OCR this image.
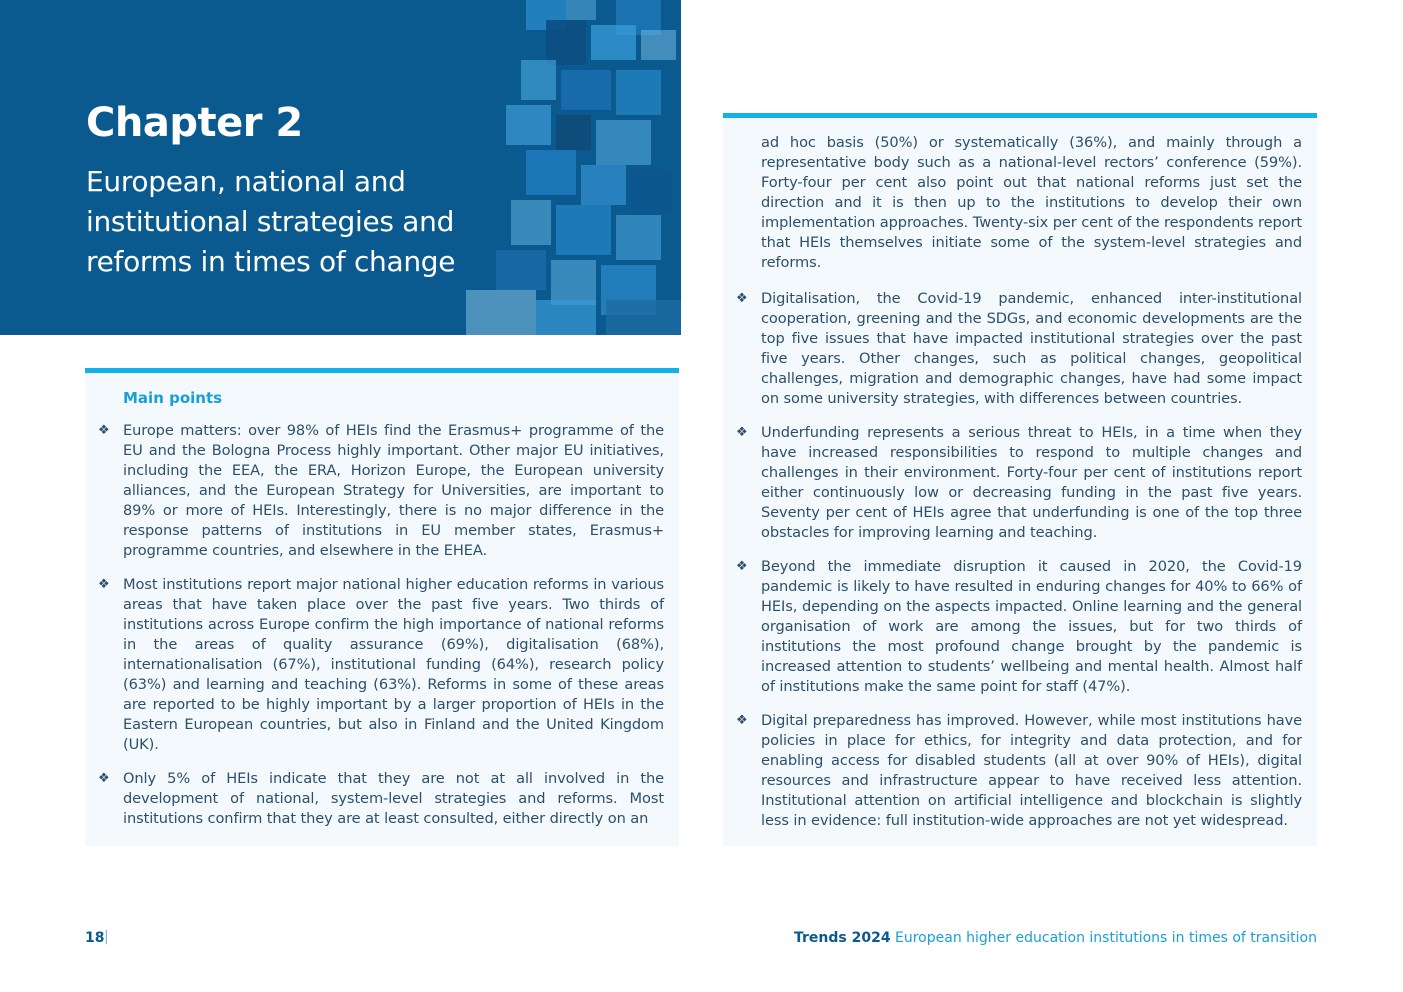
Chapter 2
European, national and institutional strategies and reforms in times of change
Main points
❖ Europe matters: over 98% of HEIs find the Erasmus+ programme of the EU and the Bologna Process highly important. Other major EU initiatives, including the EEA, the ERA, Horizon Europe, the European university alliances, and the European Strategy for Universities, are important to 89% or more of HEIs. Interestingly, there is no major difference in the response patterns of institutions in EU member states, Erasmus+ programme countries, and elsewhere in the EHEA.
❖ Most institutions report major national higher education reforms in various areas that have taken place over the past five years. Two thirds of institutions across Europe confirm the high importance of national reforms in the areas of quality assurance (69%), digitalisation (68%), internationalisation (67%), institutional funding (64%), research policy (63%) and learning and teaching (63%). Reforms in some of these areas are reported to be highly important by a larger proportion of HEIs in the Eastern European countries, but also in Finland and the United Kingdom (UK).
❖ Only 5% of HEIs indicate that they are not at all involved in the development of national, system-level strategies and reforms. Most institutions confirm that they are at least consulted, either directly on an
ad hoc basis (50%) or systematically (36%), and mainly through a representative body such as a national-level rectors’ conference (59%). Forty-four per cent also point out that national reforms just set the direction and it is then up to the institutions to develop their own implementation approaches. Twenty-six per cent of the respondents report that HEIs themselves initiate some of the system-level strategies and reforms.
❖ Digitalisation, the Covid-19 pandemic, enhanced inter-institutional cooperation, greening and the SDGs, and economic developments are the top five issues that have impacted institutional strategies over the past five years. Other changes, such as political changes, geopolitical challenges, migration and demographic changes, have had some impact on some university strategies, with differences between countries.
❖ Underfunding represents a serious threat to HEIs, in a time when they have increased responsibilities to respond to multiple changes and challenges in their environment. Forty-four per cent of institutions report either continuously low or decreasing funding in the past five years. Seventy per cent of HEIs agree that underfunding is one of the top three obstacles for improving learning and teaching.
❖ Beyond the immediate disruption it caused in 2020, the Covid-19 pandemic is likely to have resulted in enduring changes for 40% to 66% of HEIs, depending on the aspects impacted. Online learning and the general organisation of work are among the issues, but for two thirds of institutions the most profound change brought by the pandemic is increased attention to students’ wellbeing and mental health. Almost half of institutions make the same point for staff (47%).
❖ Digital preparedness has improved. However, while most institutions have policies in place for ethics, for integrity and data protection, and for enabling access for disabled students (all at over 90% of HEIs), digital resources and infrastructure appear to have received less attention. Institutional attention on artificial intelligence and blockchain is slightly less in evidence: full institution-wide approaches are not yet widespread.
18 |	Trends 2024 European higher education institutions in times of transition
